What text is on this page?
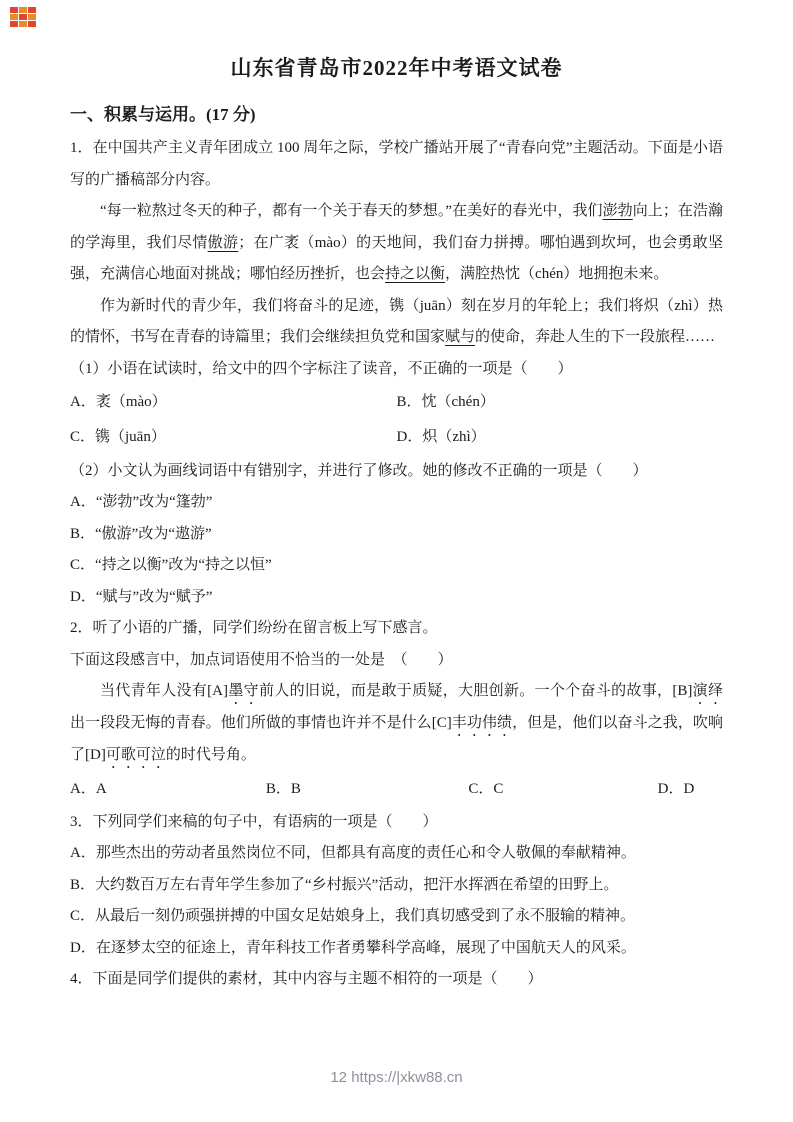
山东省青岛市2022年中考语文试卷
一、积累与运用。(17 分)

1．在中国共产主义青年团成立 100 周年之际，学校广播站开展了“青春向党”主题活动。下面是小语写的广播稿部分内容。

“每一粒熬过冬天的种子，都有一个关于春天的梦想。”在美好的春光中，我们澎勃向上；在浩瀚的学海里，我们尽情傲游；在广袤（mào）的天地间，我们奋力拼搏。哪怕遇到坎坷，也会勇敢坚强，充满信心地面对挑战；哪怕经历挫折，也会持之以衡，满腔热忱（chén）地拥抱未来。

作为新时代的青少年，我们将奋斗的足迹，镌（juān）刻在岁月的年轮上；我们将炽（zhì）热的情怀，书写在青春的诗篇里；我们会继续担负党和国家赋与的使命，奔赴人生的下一段旅程……

（1）小语在试读时，给文中的四个字标注了读音，不正确的一项是（　　）

A．袤（mào）	B．忱（chén）
C．镌（juān）	D．炽（zhì）

（2）小文认为画线词语中有错别字，并进行了修改。她的修改不正确的一项是（　　）

A．“澎勃”改为“篷勃”

B．“傲游”改为“遨游”

C．“持之以衡”改为“持之以恒”

D．“赋与”改为“赋予”

2．听了小语的广播，同学们纷纷在留言板上写下感言。

下面这段感言中，加点词语使用不恰当的一处是　（　　）

当代青年人没有[A]墨守前人的旧说，而是敢于质疑，大胆创新。一个个奋斗的故事，[B]演绎出一段段无悔的青春。他们所做的事情也许并不是什么[C]丰功伟绩，但是，他们以奋斗之我，吹响了[D]可歌可泣的时代号角。

A．A	B．B	C．C	D．D

3．下列同学们来稿的句子中，有语病的一项是（　　）

A．那些杰出的劳动者虽然岗位不同，但都具有高度的责任心和令人敬佩的奉献精神。

B．大约数百万左右青年学生参加了“乡村振兴”活动，把汗水挥洒在希望的田野上。

C．从最后一刻仍顽强拼搏的中国女足姑娘身上，我们真切感受到了永不服输的精神。

D．在逐梦太空的征途上，青年科技工作者勇攀科学高峰，展现了中国航天人的风采。

4．下面是同学们提供的素材，其中内容与主题不相符的一项是（　　）

12 https://|xkw88.cn
